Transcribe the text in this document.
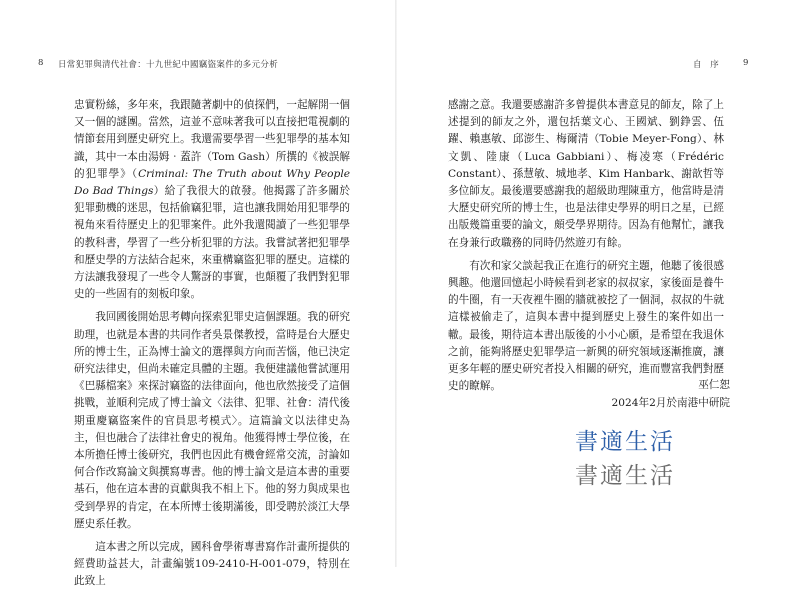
8 日常犯罪與清代社會：十九世紀中國竊盜案件的多元分析	自 序	9

忠實粉絲，多年來，我跟隨著劇中的偵探們，一起解開一個又一個的謎團。當然，這並不意味著我可以直接把電視劇的情節套用到歷史研究上。我還需要學習一些犯罪學的基本知識，其中一本由湯姆‧蓋許（Tom Gash）所撰的《被誤解的犯罪學》（Criminal: The Truth about Why People Do Bad Things）給了我很大的啟發。他揭露了許多關於犯罪動機的迷思，包括偷竊犯罪，這也讓我開始用犯罪學的視角來看待歷史上的犯罪案件。此外我還閱讀了一些犯罪學的教科書，學習了一些分析犯罪的方法。我嘗試著把犯罪學和歷史學的方法結合起來，來重構竊盜犯罪的歷史。這樣的方法讓我發現了一些令人驚訝的事實，也顛覆了我們對犯罪史的一些固有的刻板印象。

我回國後開始思考轉向探索犯罪史這個課題。我的研究助理，也就是本書的共同作者吳景傑教授，當時是台大歷史所的博士生，正為博士論文的選擇與方向而苦惱，他已決定研究法律史，但尚未確定具體的主題。我便建議他嘗試運用《巴縣檔案》來探討竊盜的法律面向，他也欣然接受了這個挑戰，並順利完成了博士論文〈法律、犯罪、社會：清代後期重慶竊盜案件的官員思考模式〉。這篇論文以法律史為主，但也融合了法律社會史的視角。他獲得博士學位後，在本所擔任博士後研究，我們也因此有機會經常交流，討論如何合作改寫論文與撰寫專書。他的博士論文是這本書的重要基石，他在這本書的貢獻與我不相上下。他的努力與成果也受到學界的肯定，在本所博士後期滿後，即受聘於淡江大學歷史系任教。

這本書之所以完成，國科會學術專書寫作計畫所提供的經費助益甚大，計畫編號109-2410-H-001-079，特別在此致上

感謝之意。我還要感謝許多曾提供本書意見的師友，除了上述提到的師友之外，還包括葉文心、王國斌、劉錚雲、伍躍、賴惠敏、邱澎生、梅爾清（Tobie Meyer-Fong）、林文凱、陸康（Luca Gabbiani）、梅凌寒（Frédéric Constant）、孫慧敏、城地孝、Kim Hanbark、謝歆哲等多位師友。最後還要感謝我的超級助理陳重方，他當時是清大歷史研究所的博士生，也是法律史學界的明日之星，已經出版幾篇重要的論文，頗受學界期待。因為有他幫忙，讓我在身兼行政職務的同時仍然遊刃有餘。

有次和家父談起我正在進行的研究主題，他聽了後很感興趣。他還回憶起小時候看到老家的叔叔家，家後面是養牛的牛圈，有一天夜裡牛圈的牆就被挖了一個洞，叔叔的牛就這樣被偷走了，這與本書中提到歷史上發生的案件如出一轍。最後，期待這本書出版後的小小心願，是希望在我退休之前，能夠將歷史犯罪學這一新興的研究領域逐漸推廣，讓更多年輕的歷史研究者投入相關的研究，進而豐富我們對歷史的瞭解。	巫仁恕
2024年2月於南港中研院
書適生活
書適生活
